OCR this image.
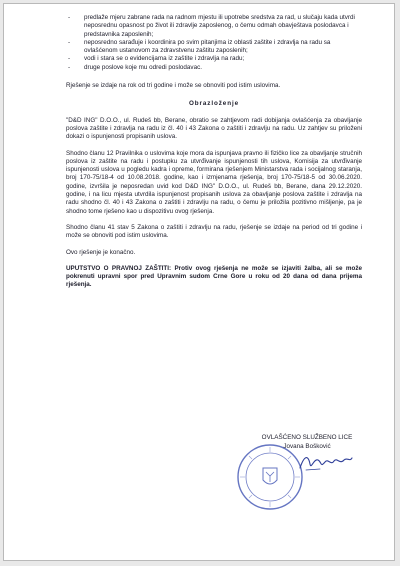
- predlaže mjeru zabrane rada na radnom mjestu ili upotrebe sredstva za rad, u slučaju kada utvrdi neposrednu opasnost po život ili zdravlje zaposlenog, o čemu odmah obavještava poslodavca i predstavnika zaposlenih;
- neposredno sarađuje i koordinira po svim pitanjima iz oblasti zaštite i zdravlja na radu sa ovlašćenom ustanovom za zdravstvenu zaštitu zaposlenih;
- vodi i stara se o evidencijama iz zaštite i zdravlja na radu;
- druge poslove koje mu odredi poslodavac.

Rješenje se izdaje na rok od tri godine i može se obnoviti pod istim uslovima.

Obrazloženje

"D&D ING" D.O.O., ul. Rudeš bb, Berane, obratio se zahtjevom radi dobijanja ovlašćenja za obavljanje poslova zaštite i zdravlja na radu iz čl. 40 i 43 Zakona o zaštiti i zdravlju na radu. Uz zahtjev su priloženi dokazi o ispunjenosti propisanih uslova.

Shodno članu 12 Pravilnika o uslovima koje mora da ispunjava pravno ili fizičko lice za obavljanje stručnih poslova iz zaštite na radu i postupku za utvrđivanje ispunjenosti tih uslova, Komisija za utvrđivanje ispunjenosti uslova u pogledu kadra i opreme, formirana rješenjem Ministarstva rada i socijalnog staranja, broj 170-75/18-4 od 10.08.2018. godine, kao i izmjenama rješenja, broj 170-75/18-5 od 30.06.2020. godine, izvršila je neposredan uvid kod D&D ING" D.O.O., ul. Rudeš bb, Berane, dana 29.12.2020. godine, i na licu mjesta utvrdila ispunjenost propisanih uslova za obavljanje poslova zaštite i zdravlja na radu shodno čl. 40 i 43 Zakona o zaštiti i zdravlju na radu, o čemu je priložila pozitivno mišljenje, pa je shodno tome rješeno kao u dispozitivu ovog rješenja.

Shodno članu 41 stav 5 Zakona o zaštiti i zdravlju na radu, rješenje se izdaje na period od tri godine i može se obnoviti pod istim uslovima.

Ovo rješenje je konačno.

UPUTSTVO O PRAVNOJ ZAŠTITI: Protiv ovog rješenja ne može se izjaviti žalba, ali se može pokrenuti upravni spor pred Upravnim sudom Crne Gore u roku od 20 dana od dana prijema rješenja.

OVLAŠĆENO SLUŽBENO LICE
Jovana Bošković
